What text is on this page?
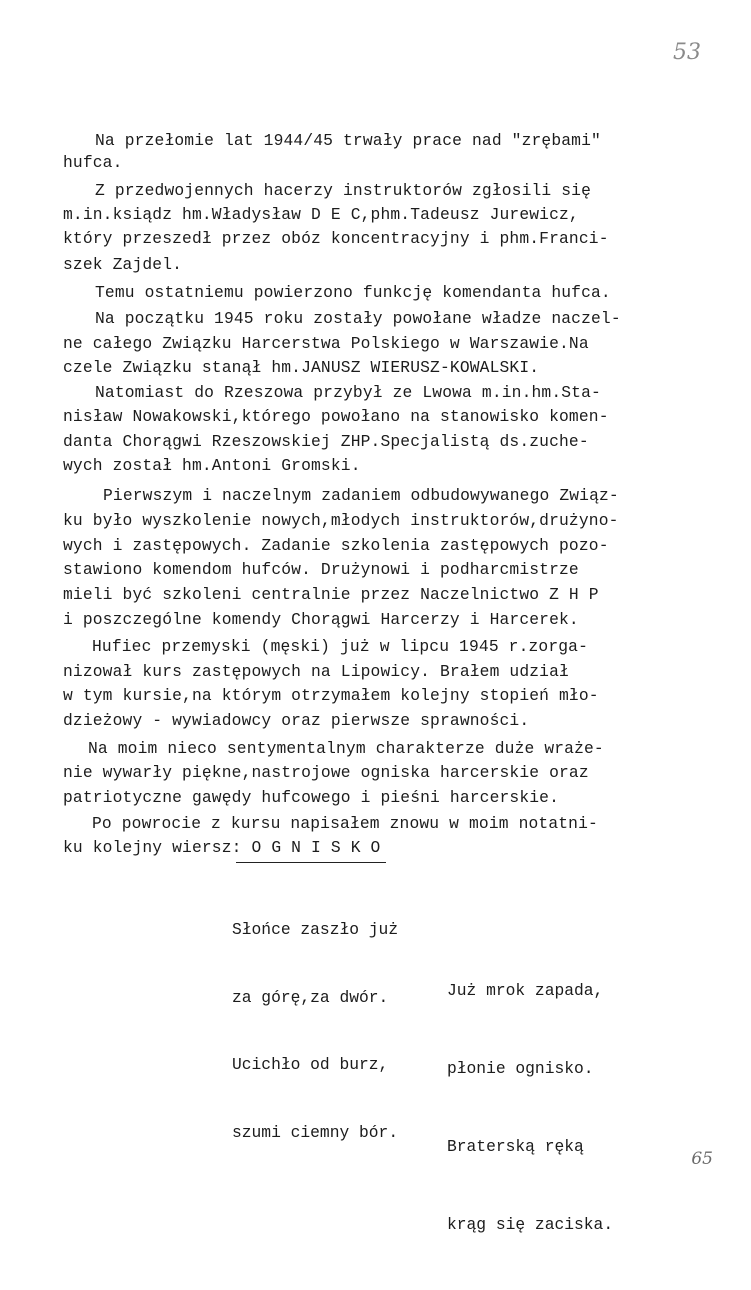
53

Na przełomie lat 1944/45 trwały prace nad "zrębami"

hufca.

Z przedwojennych hacerzy instruktorów zgłosili się

m.in.ksiądz hm.Władysław D E C,phm.Tadeusz Jurewicz,

który przeszedł przez obóz koncentracyjny i phm.Franci-

szek Zajdel.

Temu ostatniemu powierzono funkcję komendanta hufca.

Na początku 1945 roku zostały powołane władze naczel-

ne całego Związku Harcerstwa Polskiego w Warszawie.Na

czele Związku stanął hm.JANUSZ WIERUSZ-KOWALSKI.

Natomiast do Rzeszowa przybył ze Lwowa m.in.hm.Sta-

nisław Nowakowski,którego powołano na stanowisko komen-

danta Chorągwi Rzeszowskiej ZHP.Specjalistą ds.zuche-

wych został hm.Antoni Gromski.

Pierwszym i naczelnym zadaniem odbudowywanego Związ-

ku było wyszkolenie nowych,młodych instruktorów,drużyno-

wych i zastępowych. Zadanie szkolenia zastępowych pozo-

stawiono komendom hufców. Drużynowi i podharcmistrze

mieli być szkoleni centralnie przez Naczelnictwo Z H P

i poszczególne komendy Chorągwi Harcerzy i Harcerek.

Hufiec przemyski (męski) już w lipcu 1945 r.zorga-

nizował kurs zastępowych na Lipowicy. Brałem udział

w tym kursie,na którym otrzymałem kolejny stopień mło-

dzieżowy - wywiadowcy oraz pierwsze sprawności.

Na moim nieco sentymentalnym charakterze duże wraże-

nie wywarły piękne,nastrojowe ogniska harcerskie oraz

patriotyczne gawędy hufcowego i pieśni harcerskie.

Po powrocie z kursu napisałem znowu w moim notatni-

ku kolejny wiersz: O G N I S K O

Słońce zaszło już

za górę,za dwór.

Ucichło od burz,

szumi ciemny bór.

Już mrok zapada,

płonie ognisko.

Braterską ręką

krąg się zaciska.

65
